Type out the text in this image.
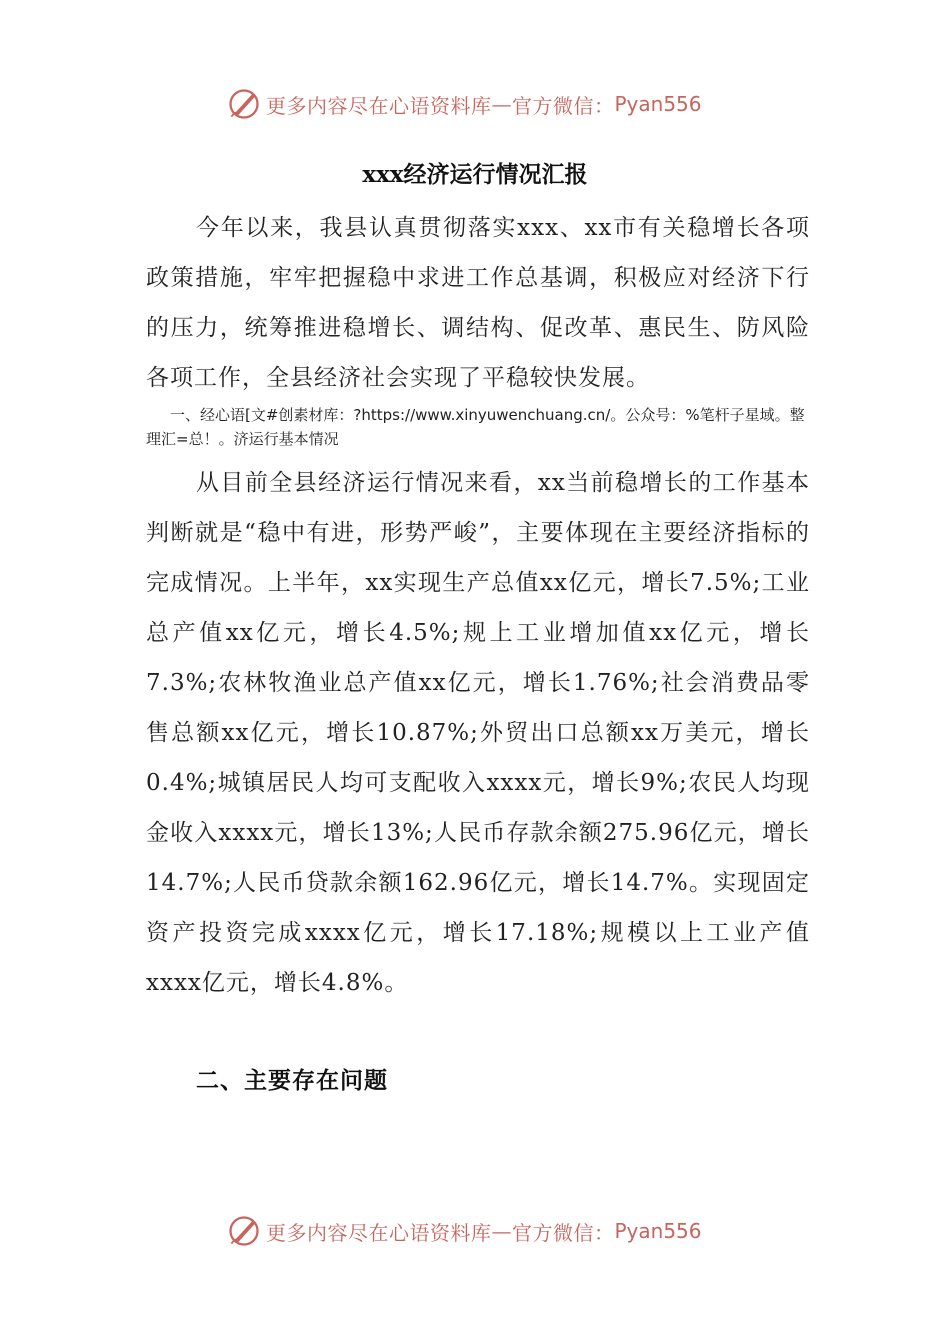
更多内容尽在心语资料库 — 官方微信： Pyan556
xxx经济运行情况汇报

今年以来，我县认真贯彻落实xxx、xx市有关稳增长各项政策措施，牢牢把握稳中求进工作总基调，积极应对经济下行的压力，统筹推进稳增长、调结构、促改革、惠民生、防风险各项工作，全县经济社会实现了平稳较快发展。

一、经心语[文#创素材库：?https://www.xinyuwenchuang.cn/。公众号：%笔杆子星域。整理汇=总！。济运行基本情况

从目前全县经济运行情况来看，xx当前稳增长的工作基本判断就是“稳中有进，形势严峻”，主要体现在主要经济指标的完成情况。上半年，xx实现生产总值xx亿元，增长7.5%;工业总产值xx亿元，增长4.5%;规上工业增加值xx亿元，增长7.3%;农林牧渔业总产值xx亿元，增长1.76%;社会消费品零售总额xx亿元，增长10.87%;外贸出口总额xx万美元，增长0.4%;城镇居民人均可支配收入xxxx元，增长9%;农民人均现金收入xxxx元，增长13%;人民币存款余额275.96亿元，增长14.7%;人民币贷款余额162.96亿元，增长14.7%。实现固定资产投资完成xxxx亿元，增长17.18%;规模以上工业产值xxxx亿元，增长4.8%。

二、主要存在问题

更多内容尽在心语资料库 — 官方微信： Pyan556
